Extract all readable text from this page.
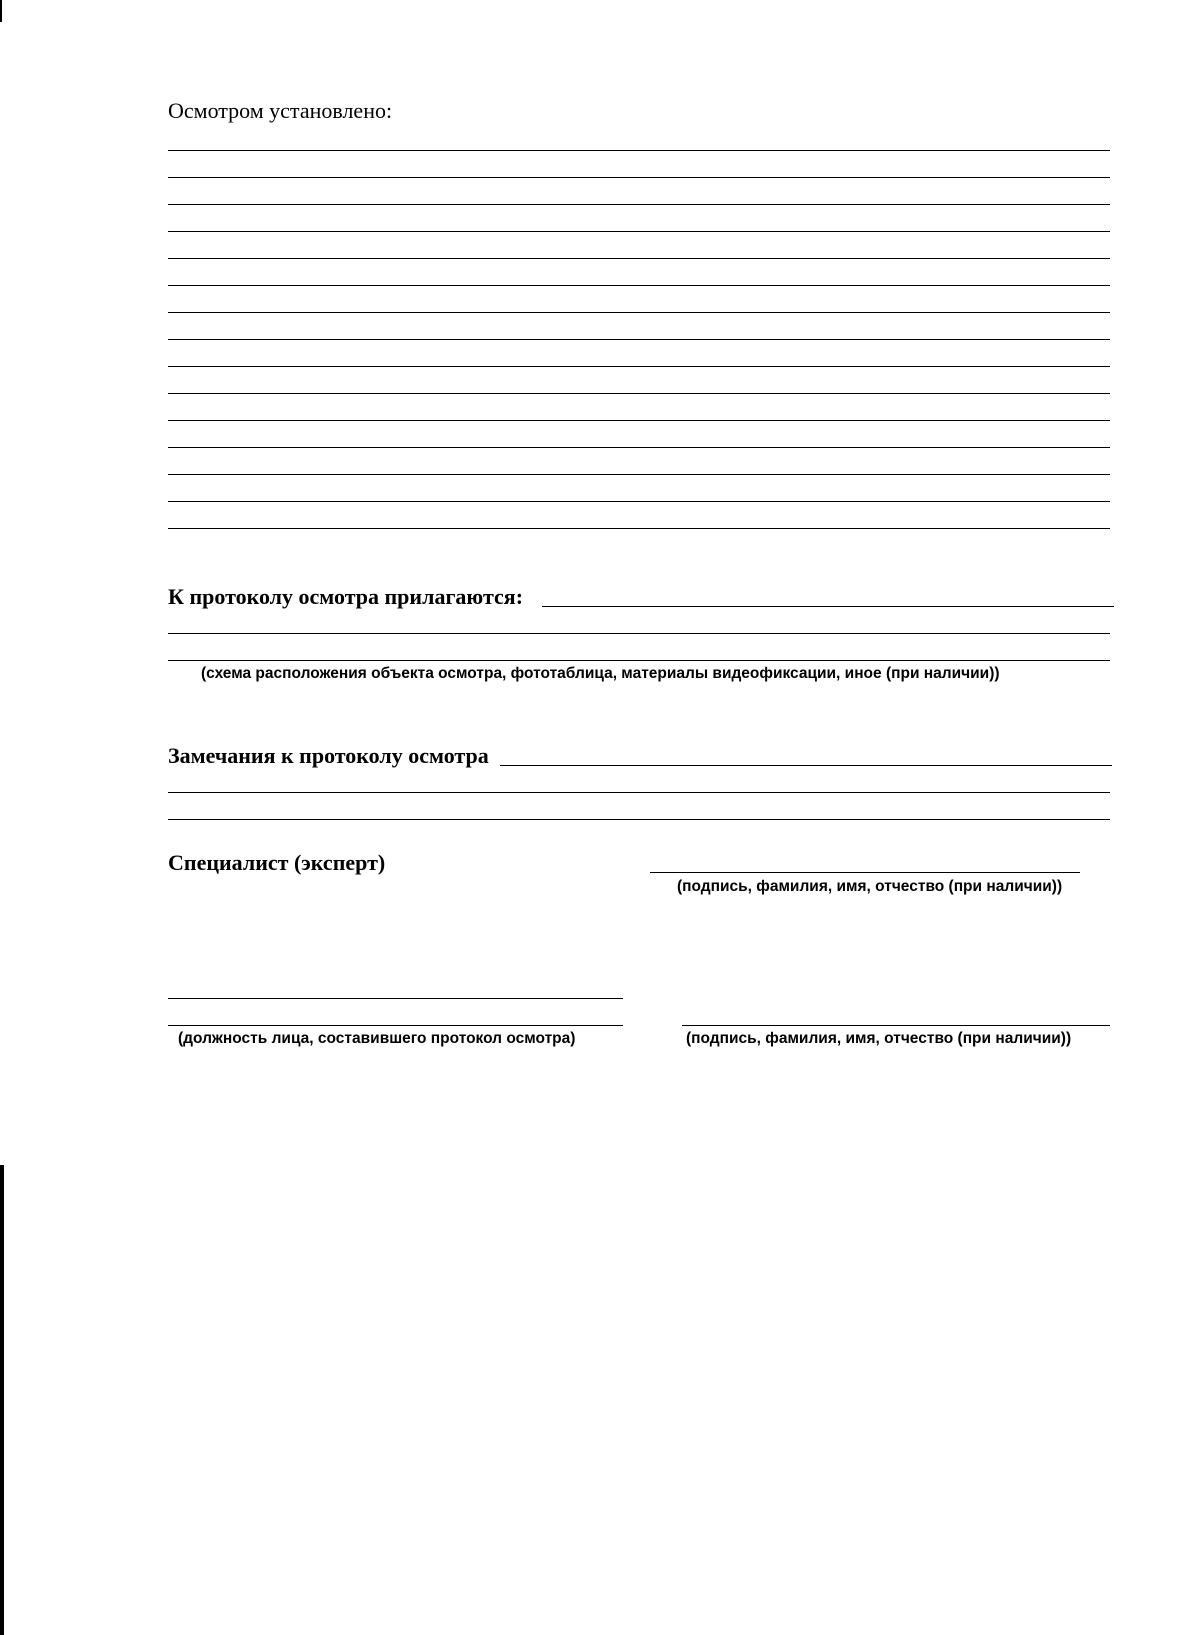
Осмотром установлено:
К протоколу осмотра прилагаются:
(схема расположения объекта осмотра, фототаблица, материалы видеофиксации, иное (при наличии))
Замечания к протоколу осмотра
Специалист (эксперт)
(подпись, фамилия, имя, отчество (при наличии))
(должность лица, составившего протокол осмотра)	(подпись, фамилия, имя, отчество (при наличии))
